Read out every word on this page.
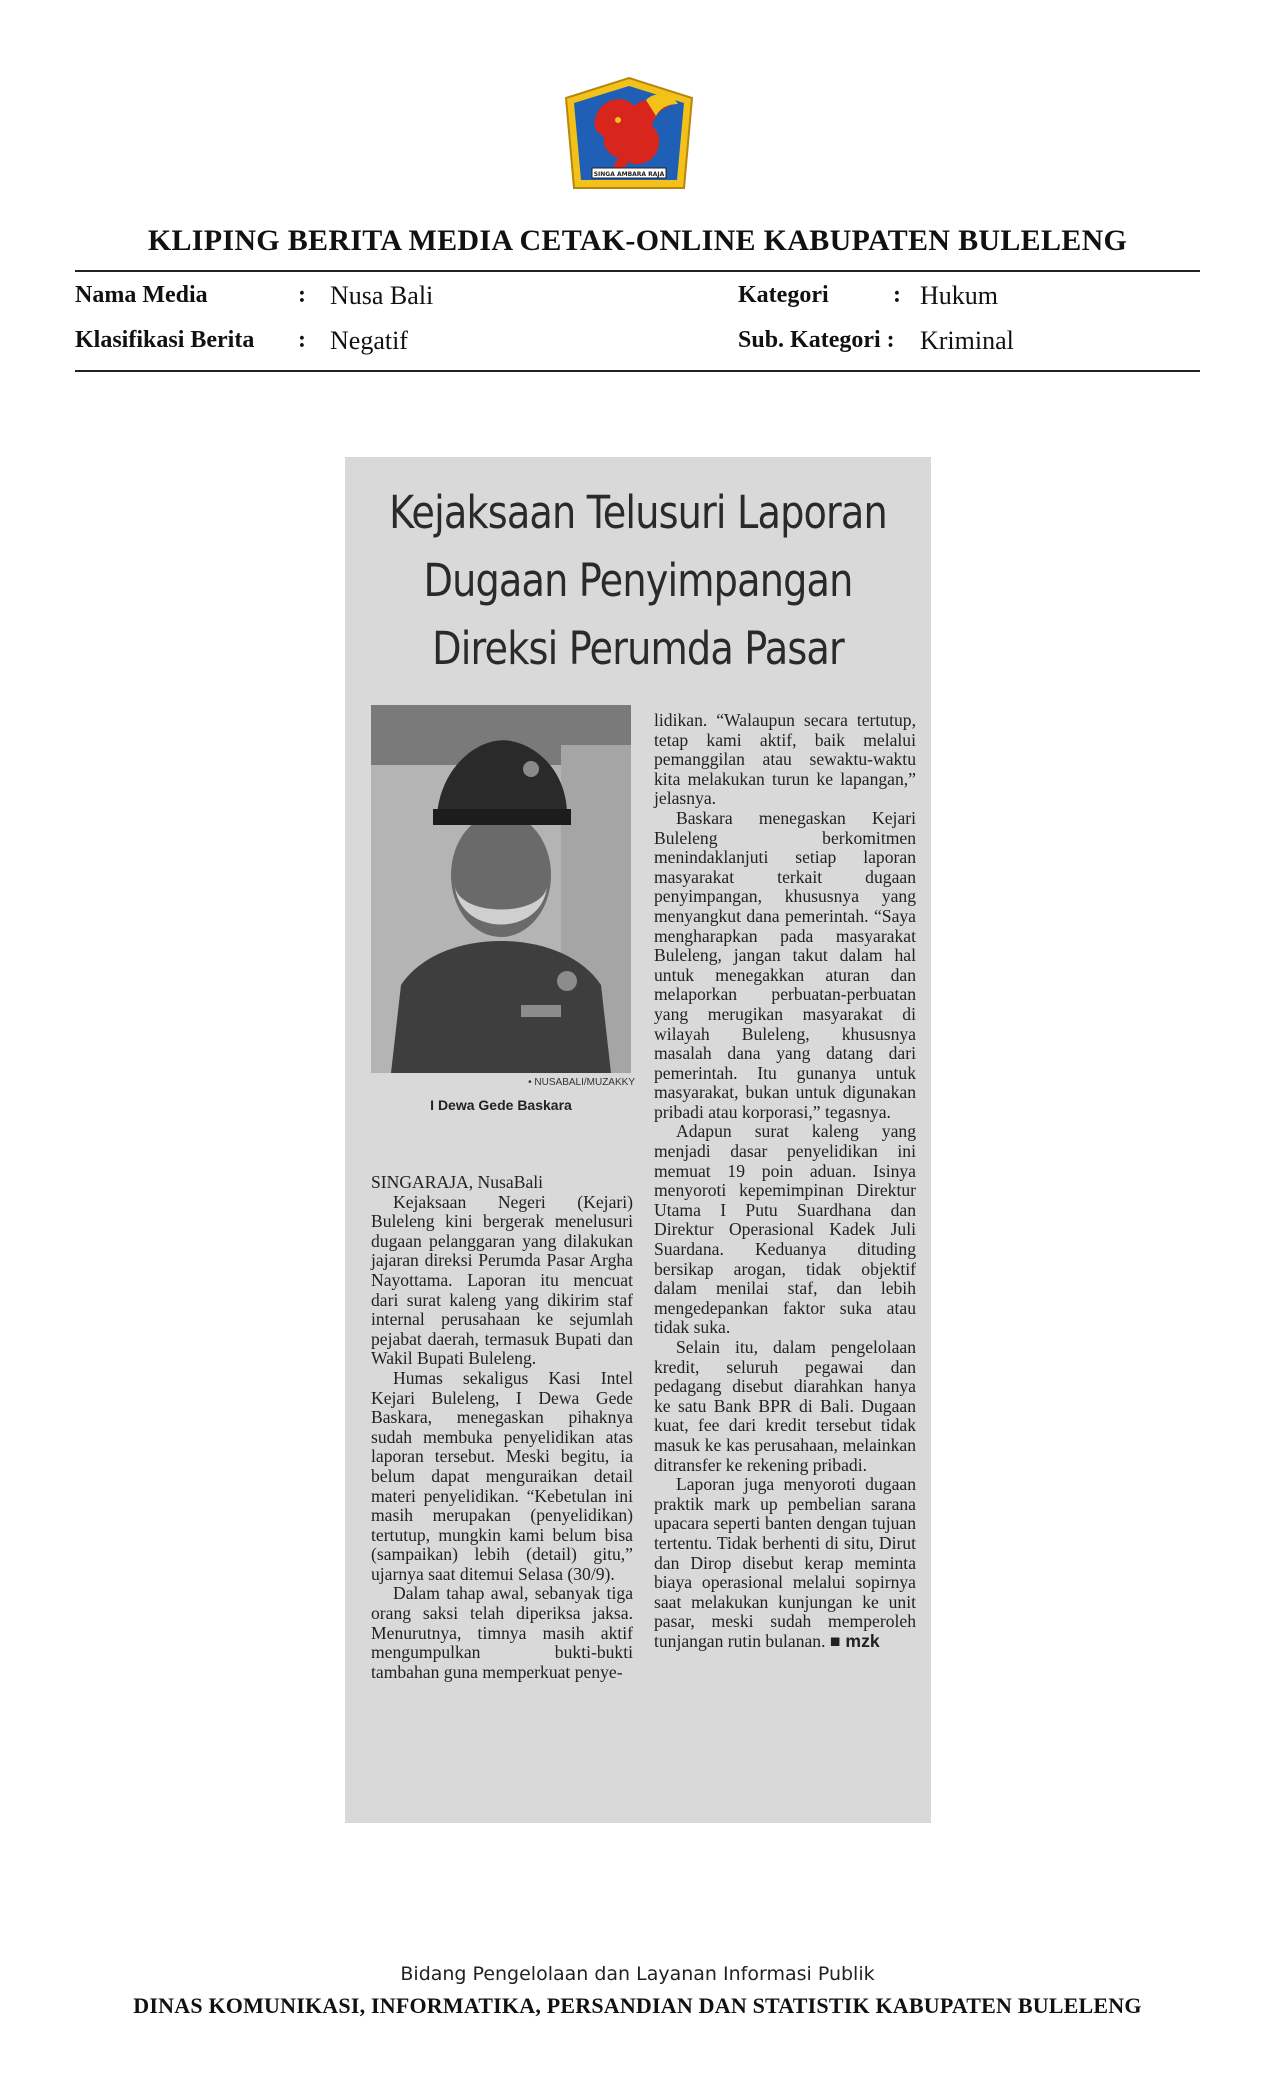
SINGA AMBARA RAJA
KLIPING BERITA MEDIA CETAK-ONLINE KABUPATEN BULELENG
Nama Media	: Nusa Bali
Klasifikasi Berita : Negatif
Kategori	: Hukum
Sub. Kategori : Kriminal
Kejaksaan Telusuri Laporan
Dugaan Penyimpangan
Direksi Perumda Pasar
• NUSABALI/MUZAKKY
I Dewa Gede Baskara

SINGARAJA, NusaBali

Kejaksaan Negeri (Kejari) Buleleng kini bergerak menelusuri dugaan pelanggaran yang dilakukan jajaran direksi Perumda Pasar Argha Nayottama. Laporan itu mencuat dari surat kaleng yang dikirim staf internal perusahaan ke sejumlah pejabat daerah, termasuk Bupati dan Wakil Bupati Buleleng.

Humas sekaligus Kasi Intel Kejari Buleleng, I Dewa Gede Baskara, menegaskan pihaknya sudah membuka penyelidikan atas laporan tersebut. Meski begitu, ia belum dapat menguraikan detail materi penyelidikan. “Kebetulan ini masih merupakan (penyelidikan) tertutup, mungkin kami belum bisa (sampaikan) lebih (detail) gitu,” ujarnya saat ditemui Selasa (30/9).

Dalam tahap awal, sebanyak tiga orang saksi telah diperiksa jaksa. Menurutnya, timnya masih aktif mengumpulkan bukti-bukti tambahan guna memperkuat penye-

lidikan. “Walaupun secara tertutup, tetap kami aktif, baik melalui pemanggilan atau sewaktu-waktu kita melakukan turun ke lapangan,” jelasnya.

Baskara menegaskan Kejari Buleleng berkomitmen menindaklanjuti setiap laporan masyarakat terkait dugaan penyimpangan, khususnya yang menyangkut dana pemerintah. “Saya mengharapkan pada masyarakat Buleleng, jangan takut dalam hal untuk menegakkan aturan dan melaporkan perbuatan-perbuatan yang merugikan masyarakat di wilayah Buleleng, khususnya masalah dana yang datang dari pemerintah. Itu gunanya untuk masyarakat, bukan untuk digunakan pribadi atau korporasi,” tegasnya.

Adapun surat kaleng yang menjadi dasar penyelidikan ini memuat 19 poin aduan. Isinya menyoroti kepemimpinan Direktur Utama I Putu Suardhana dan Direktur Operasional Kadek Juli Suardana. Keduanya dituding bersikap arogan, tidak objektif dalam menilai staf, dan lebih mengedepankan faktor suka atau tidak suka.

Selain itu, dalam pengelolaan kredit, seluruh pegawai dan pedagang disebut diarahkan hanya ke satu Bank BPR di Bali. Dugaan kuat, fee dari kredit tersebut tidak masuk ke kas perusahaan, melainkan ditransfer ke rekening pribadi.

Laporan juga menyoroti dugaan praktik mark up pembelian sarana upacara seperti banten dengan tujuan tertentu. Tidak berhenti di situ, Dirut dan Dirop disebut kerap meminta biaya operasional melalui sopirnya saat melakukan kunjungan ke unit pasar, meski sudah memperoleh tunjangan rutin bulanan. ■ mzk

Bidang Pengelolaan dan Layanan Informasi Publik
DINAS KOMUNIKASI, INFORMATIKA, PERSANDIAN DAN STATISTIK KABUPATEN BULELENG
